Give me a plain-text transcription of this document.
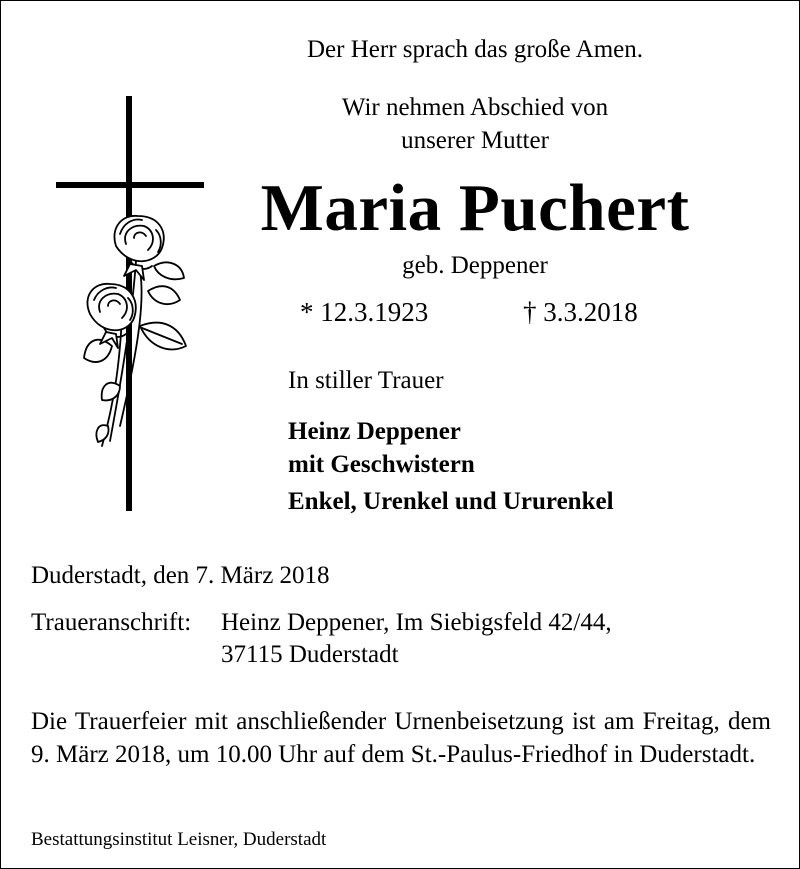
Der Herr sprach das große Amen.
Wir nehmen Abschied von
unserer Mutter
Maria Puchert
geb. Deppener
* 12.3.1923	† 3.3.2018
In stiller Trauer
Heinz Deppener
mit Geschwistern
Enkel, Urenkel und Ururenkel
Duderstadt, den 7. März 2018
Traueranschrift: Heinz Deppener, Im Siebigsfeld 42/44,
37115 Duderstadt
Die Trauerfeier mit anschließender Urnenbeisetzung ist am Freitag, dem 9. März 2018, um 10.00 Uhr auf dem St.-Paulus-Friedhof in Duderstadt.
Bestattungsinstitut Leisner, Duderstadt
